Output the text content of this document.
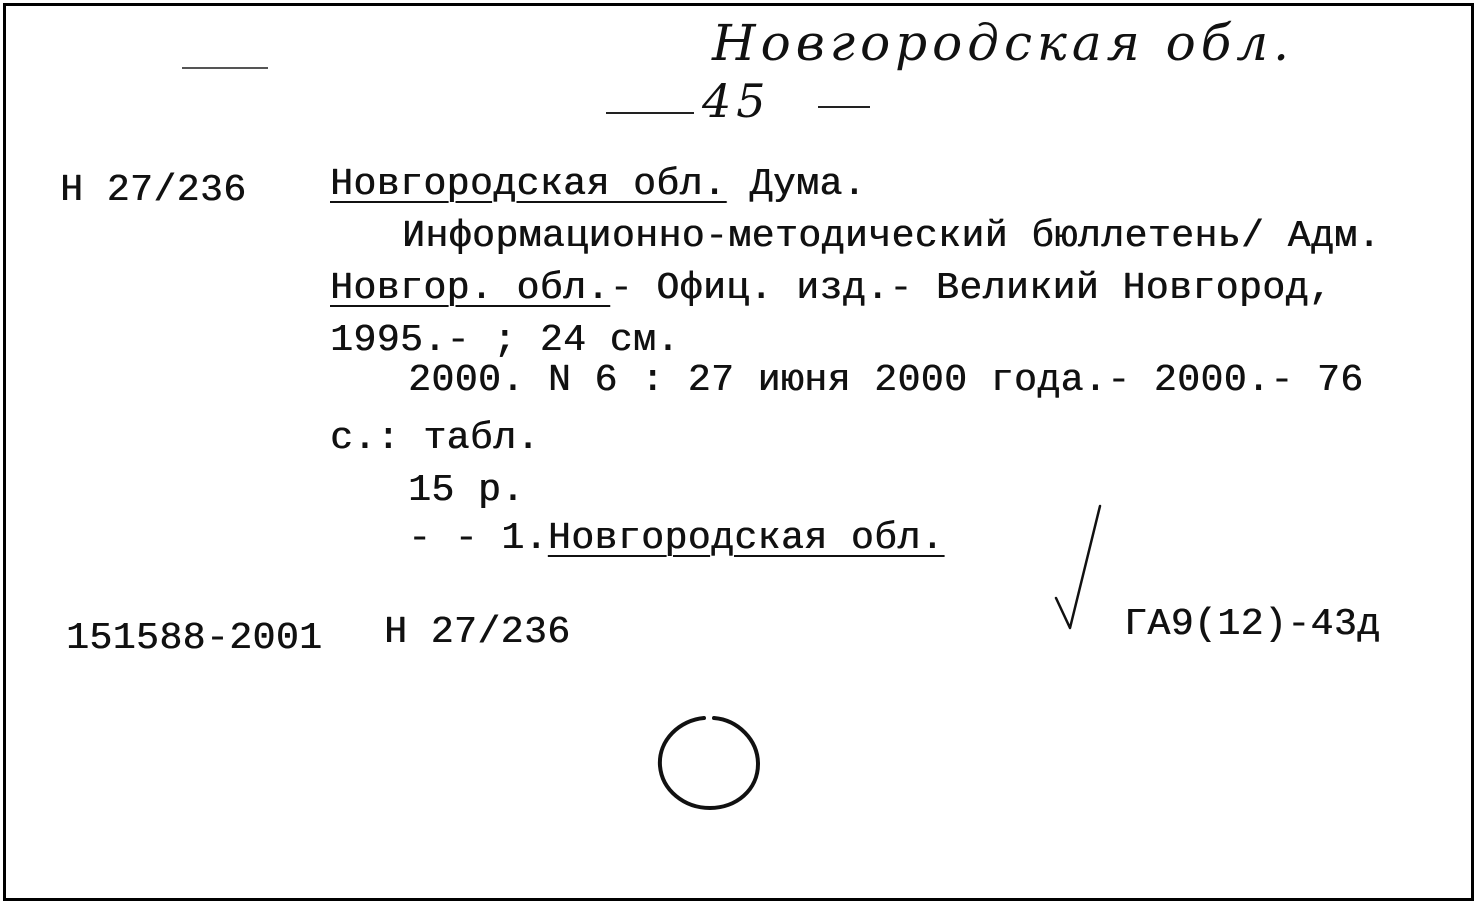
Новгородская обл.
45
Н 27/236 Новгородская обл. Дума.
Информационно-методический бюллетень/ Адм.
Новгор. обл.- Офиц. изд.- Великий Новгород,
1995.- ; 24 см.
2000. N 6 : 27 июня 2000 года.- 2000.- 76
с.: табл.
15 р.
- - 1.Новгородская обл.
151588-2001 Н 27/236	ГА9(12)-43д
